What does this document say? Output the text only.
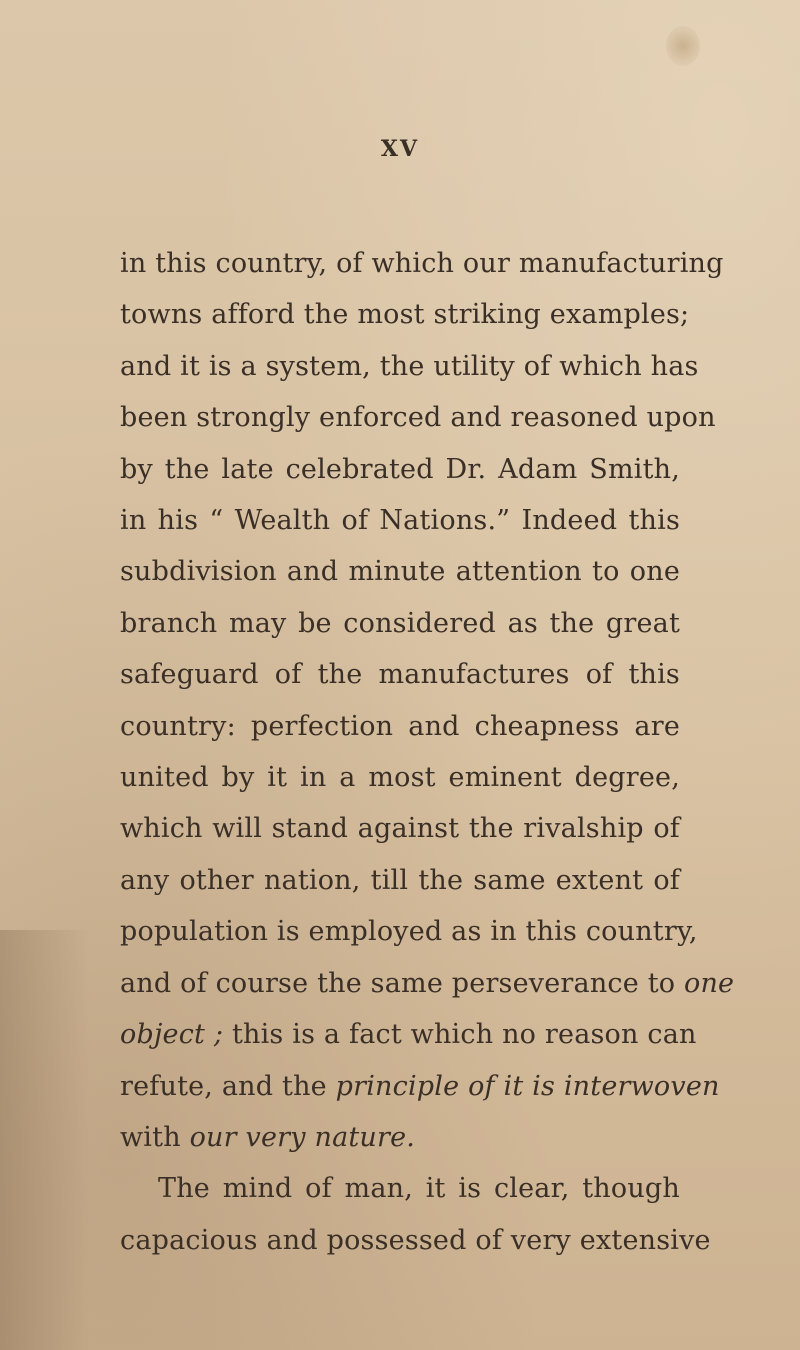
XV
in this country, of which our manufacturing
towns afford the most striking examples;
and it is a system, the utility of which has
been strongly enforced and reasoned upon
by the late celebrated Dr. Adam Smith,
in his “ Wealth of Nations.” Indeed this
subdivision and minute attention to one
branch may be considered as the great
safeguard of the manufactures of this
country: perfection and cheapness are
united by it in a most eminent degree,
which will stand against the rivalship of
any other nation, till the same extent of
population is employed as in this country,
and of course the same perseverance to one
object ; this is a fact which no reason can
refute, and the principle of it is interwoven
with our very nature.
The mind of man, it is clear, though
capacious and possessed of very extensive
